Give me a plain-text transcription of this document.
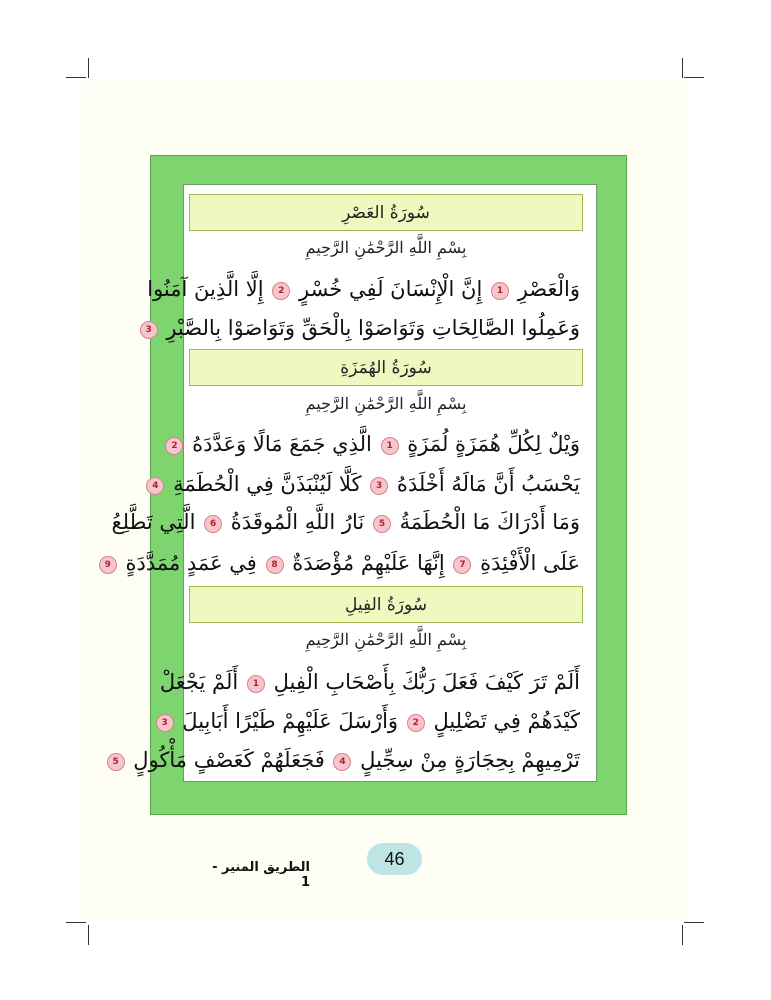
سُورَةُ العَصْرِ
بِسْمِ اللَّهِ الرَّحْمَٰنِ الرَّحِيمِ
وَالْعَصْرِ 1 إِنَّ الْإِنْسَانَ لَفِي خُسْرٍ 2 إِلَّا الَّذِينَ آمَنُوا
وَعَمِلُوا الصَّالِحَاتِ وَتَوَاصَوْا بِالْحَقِّ وَتَوَاصَوْا بِالصَّبْرِ 3
سُورَةُ الهُمَزَةِ
بِسْمِ اللَّهِ الرَّحْمَٰنِ الرَّحِيمِ
وَيْلٌ لِكُلِّ هُمَزَةٍ لُمَزَةٍ 1 الَّذِي جَمَعَ مَالًا وَعَدَّدَهُ 2
يَحْسَبُ أَنَّ مَالَهُ أَخْلَدَهُ 3 كَلَّا لَيُنْبَذَنَّ فِي الْحُطَمَةِ 4
وَمَا أَدْرَاكَ مَا الْحُطَمَةُ 5 نَارُ اللَّهِ الْمُوقَدَةُ 6 الَّتِي تَطَّلِعُ
عَلَى الْأَفْئِدَةِ 7 إِنَّهَا عَلَيْهِمْ مُؤْصَدَةٌ 8 فِي عَمَدٍ مُمَدَّدَةٍ 9
سُورَةُ الفِيلِ
بِسْمِ اللَّهِ الرَّحْمَٰنِ الرَّحِيمِ
أَلَمْ تَرَ كَيْفَ فَعَلَ رَبُّكَ بِأَصْحَابِ الْفِيلِ 1 أَلَمْ يَجْعَلْ
كَيْدَهُمْ فِي تَضْلِيلٍ 2 وَأَرْسَلَ عَلَيْهِمْ طَيْرًا أَبَابِيلَ 3
تَرْمِيهِمْ بِحِجَارَةٍ مِنْ سِجِّيلٍ 4 فَجَعَلَهُمْ كَعَصْفٍ مَأْكُولٍ 5
46
الطريق المنير - 1
